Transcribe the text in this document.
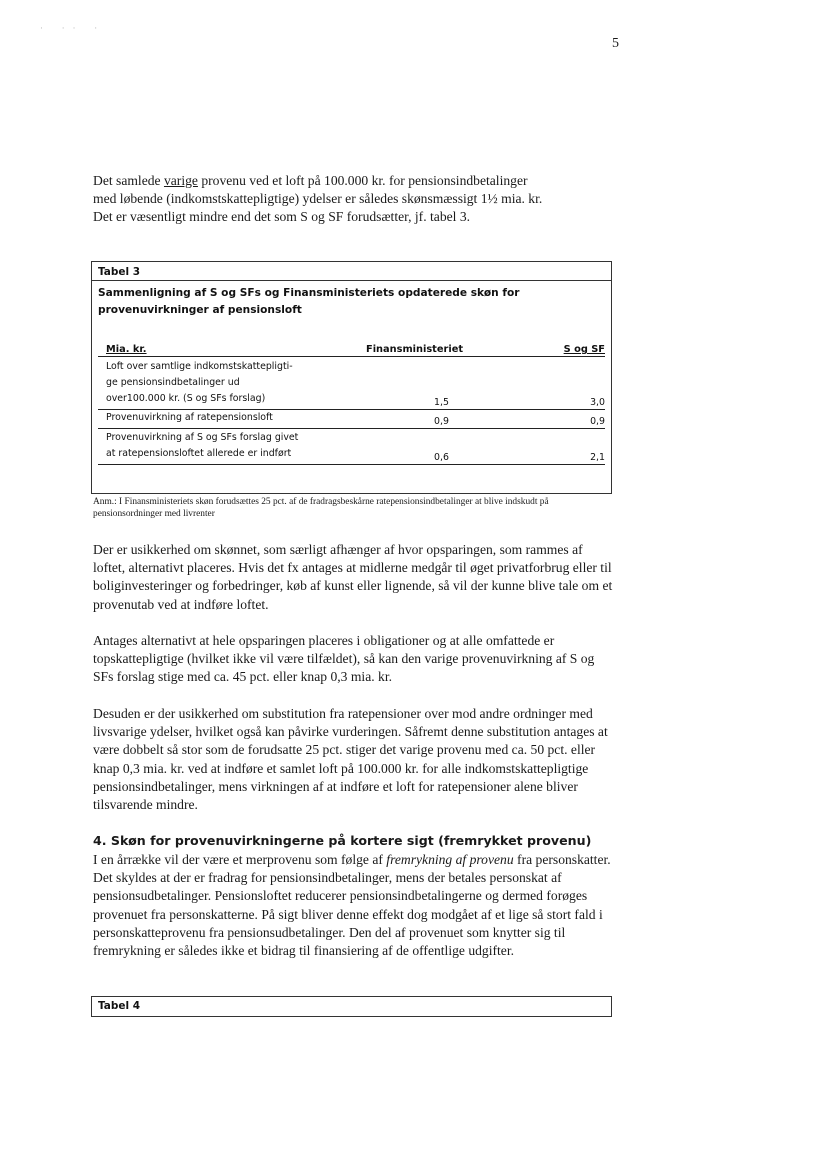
· ·· ·
5
Det samlede varige provenu ved et loft på 100.000 kr. for pensionsindbetalinger
med løbende (indkomstskattepligtige) ydelser er således skønsmæssigt 1½ mia. kr.
Det er væsentligt mindre end det som S og SF forudsætter, jf. tabel 3.
Tabel 3
Sammenligning af S og SFs og Finansministeriets opdaterede skøn for provenuvirkninger af pensionsloft
Mia. kr.	Finansministeriet	S og SF
Loft over samtlige indkomstskattepligti-
ge pensionsindbetalinger ud
over100.000 kr. (S og SFs forslag)	1,5	3,0
Provenuvirkning af ratepensionsloft	0,9	0,9
Provenuvirkning af S og SFs forslag givet
at ratepensionsloftet allerede er indført	0,6	2,1

Anm.: I Finansministeriets skøn forudsættes 25 pct. af de fradragsbeskårne ratepensionsindbetalinger at blive indskudt på pensionsordninger med livrenter

Der er usikkerhed om skønnet, som særligt afhænger af hvor opsparingen, som rammes af loftet, alternativt placeres. Hvis det fx antages at midlerne medgår til øget privatforbrug eller til boliginvesteringer og forbedringer, køb af kunst eller lignende, så vil der kunne blive tale om et provenutab ved at indføre loftet.

Antages alternativt at hele opsparingen placeres i obligationer og at alle omfattede er topskattepligtige (hvilket ikke vil være tilfældet), så kan den varige provenuvirkning af S og SFs forslag stige med ca. 45 pct. eller knap 0,3 mia. kr.

Desuden er der usikkerhed om substitution fra ratepensioner over mod andre ordninger med livsvarige ydelser, hvilket også kan påvirke vurderingen. Såfremt denne substitution antages at være dobbelt så stor som de forudsatte 25 pct. stiger det varige provenu med ca. 50 pct. eller knap 0,3 mia. kr. ved at indføre et samlet loft på 100.000 kr. for alle indkomstskattepligtige pensionsindbetalinger, mens virkningen af at indføre et loft for ratepensioner alene bliver tilsvarende mindre.

4. Skøn for provenuvirkningerne på kortere sigt (fremrykket provenu)

I en årrække vil der være et merprovenu som følge af fremrykning af provenu fra personskatter. Det skyldes at der er fradrag for pensionsindbetalinger, mens der betales personskat af pensionsudbetalinger. Pensionsloftet reducerer pensionsindbetalingerne og dermed forøges provenuet fra personskatterne. På sigt bliver denne effekt dog modgået af et lige så stort fald i personskatteprovenu fra pensionsudbetalinger. Den del af provenuet som knytter sig til fremrykning er således ikke et bidrag til finansiering af de offentlige udgifter.

Tabel 4
